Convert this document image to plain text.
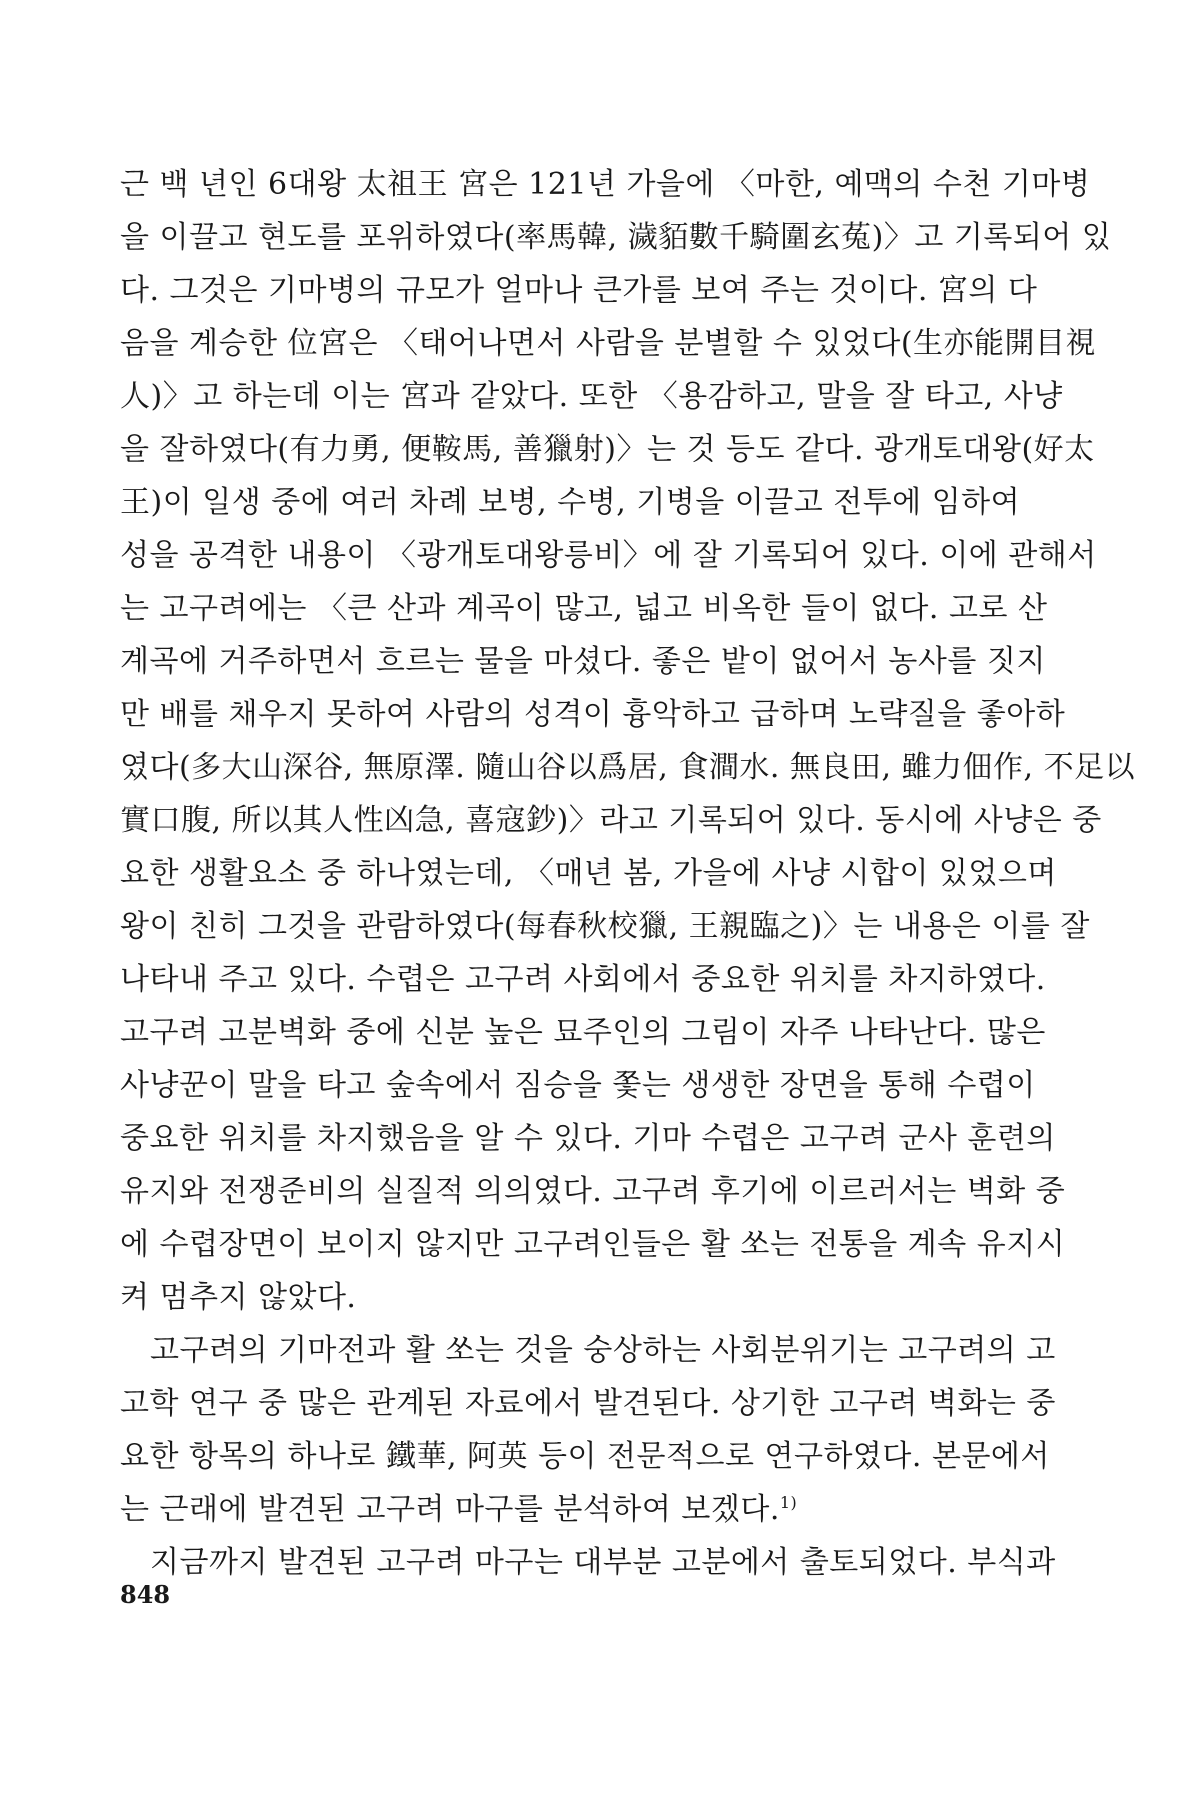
근 백 년인 6대왕 太祖王 宮은 121년 가을에 〈마한, 예맥의 수천 기마병
을 이끌고 현도를 포위하였다(率馬韓, 濊貊數千騎圍玄菟)〉고 기록되어 있
다. 그것은 기마병의 규모가 얼마나 큰가를 보여 주는 것이다. 宮의 다
음을 계승한 位宮은 〈태어나면서 사람을 분별할 수 있었다(生亦能開目視
人)〉고 하는데 이는 宮과 같았다. 또한 〈용감하고, 말을 잘 타고, 사냥
을 잘하였다(有力勇, 便鞍馬, 善獵射)〉는 것 등도 같다. 광개토대왕(好太
王)이 일생 중에 여러 차례 보병, 수병, 기병을 이끌고 전투에 임하여
성을 공격한 내용이 〈광개토대왕릉비〉에 잘 기록되어 있다. 이에 관해서
는 고구려에는 〈큰 산과 계곡이 많고, 넓고 비옥한 들이 없다. 고로 산
계곡에 거주하면서 흐르는 물을 마셨다. 좋은 밭이 없어서 농사를 짓지
만 배를 채우지 못하여 사람의 성격이 흉악하고 급하며 노략질을 좋아하
였다(多大山深谷, 無原澤. 隨山谷以爲居, 食澗水. 無良田, 雖力佃作, 不足以
實口腹, 所以其人性凶急, 喜寇鈔)〉라고 기록되어 있다. 동시에 사냥은 중
요한 생활요소 중 하나였는데, 〈매년 봄, 가을에 사냥 시합이 있었으며
왕이 친히 그것을 관람하였다(每春秋校獵, 王親臨之)〉는 내용은 이를 잘
나타내 주고 있다. 수렵은 고구려 사회에서 중요한 위치를 차지하였다.
고구려 고분벽화 중에 신분 높은 묘주인의 그림이 자주 나타난다. 많은
사냥꾼이 말을 타고 숲속에서 짐승을 쫓는 생생한 장면을 통해 수렵이
중요한 위치를 차지했음을 알 수 있다. 기마 수렵은 고구려 군사 훈련의
유지와 전쟁준비의 실질적 의의였다. 고구려 후기에 이르러서는 벽화 중
에 수렵장면이 보이지 않지만 고구려인들은 활 쏘는 전통을 계속 유지시
켜 멈추지 않았다.
고구려의 기마전과 활 쏘는 것을 숭상하는 사회분위기는 고구려의 고
고학 연구 중 많은 관계된 자료에서 발견된다. 상기한 고구려 벽화는 중
요한 항목의 하나로 鐵華, 阿英 등이 전문적으로 연구하였다. 본문에서
는 근래에 발견된 고구려 마구를 분석하여 보겠다.$^{1)}$
지금까지 발견된 고구려 마구는 대부분 고분에서 출토되었다. 부식과
848
